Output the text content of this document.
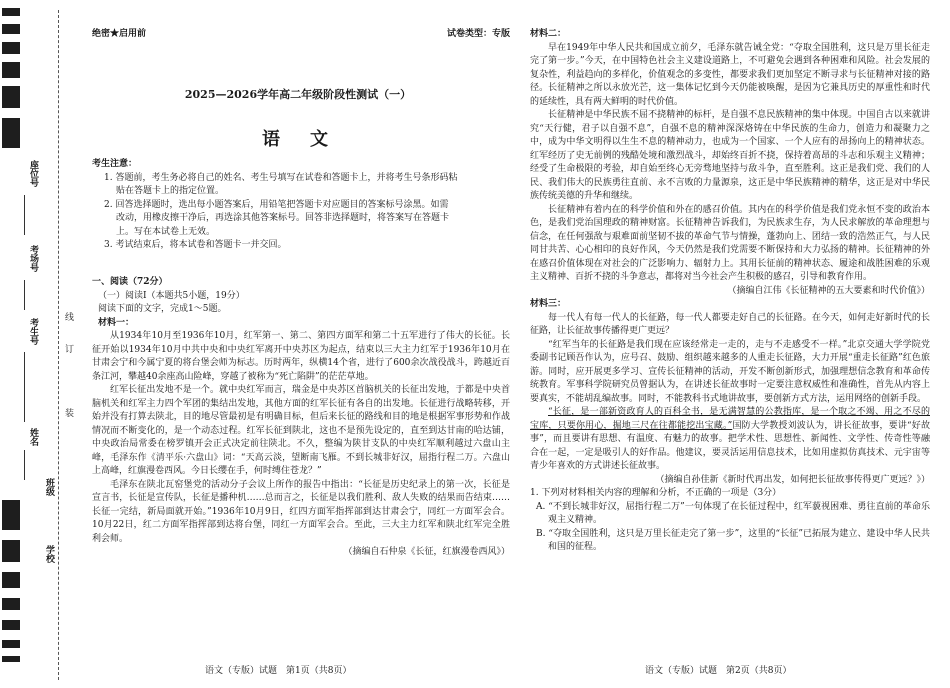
座位号
考场号
考生号
姓名
班级
学校
线
订
装
绝密★启用前	试卷类型：专版
2025—2026学年高二年级阶段性测试（一）
语　文
考生注意：
1. 答题前，考生务必将自己的姓名、考生号填写在试卷和答题卡上，并将考生号条形码粘
贴在答题卡上的指定位置。
2. 回答选择题时，选出每小题答案后，用铅笔把答题卡对应题目的答案标号涂黑。如需
改动，用橡皮擦干净后，再选涂其他答案标号。回答非选择题时，将答案写在答题卡
上。写在本试卷上无效。
3. 考试结束后，将本试卷和答题卡一并交回。
一、阅读（72分）
（一）阅读Ⅰ（本题共5小题，19分）
阅读下面的文字，完成1～5题。
材料一：

从1934年10月至1936年10月，红军第一、第二、第四方面军和第二十五军进行了伟大的长征。长征开始以1934年10月中共中央和中央红军离开中央苏区为起点，结束以三大主力红军于1936年10月在甘肃会宁和今属宁夏的将台堡会师为标志。历时两年，纵横14个省，进行了600余次战役战斗，跨越近百条江河，攀越40余座高山险峰，穿越了被称为“死亡陷阱”的茫茫草地。

红军长征出发地不是一个。就中央红军而言，瑞金是中央苏区首脑机关的长征出发地，于都是中央首脑机关和红军主力四个军团的集结出发地，其他方面的红军长征有各自的出发地。长征进行战略转移，开始并没有打算去陕北，目的地尽管最初是有明确目标，但后来长征的路线和目的地是根据军事形势和作战情况而不断变化的，是一个动态过程。红军长征到陕北，这也不是预先设定的，直至到达甘南的哈达铺，中央政治局常委在榜罗镇开会正式决定前往陕北。不久，整编为陕甘支队的中央红军顺利越过六盘山主峰，毛泽东作《清平乐·六盘山》词：“天高云淡，望断南飞雁。不到长城非好汉，屈指行程二万。六盘山上高峰，红旗漫卷西风。今日长缨在手，何时缚住苍龙？”

毛泽东在陕北瓦窑堡党的活动分子会议上所作的报告中指出：“长征是历史纪录上的第一次，长征是宣言书，长征是宣传队，长征是播种机……总而言之，长征是以我们胜利、敌人失败的结果而告结束……长征一完结，新局面就开始。”1936年10月9日，红四方面军指挥部到达甘肃会宁，同红一方面军会合。10月22日，红二方面军指挥部到达将台堡，同红一方面军会合。至此，三大主力红军和陕北红军完全胜利会师。

（摘编自石仲泉《长征，红旗漫卷西风》）
材料二：

早在1949年中华人民共和国成立前夕，毛泽东就告诫全党：“夺取全国胜利，这只是万里长征走完了第一步。”今天，在中国特色社会主义建设道路上，不可避免会遇到各种困难和风险。社会发展的复杂性，利益趋向的多样化，价值观念的多变性，都要求我们更加坚定不断寻求与长征精神对接的路径。长征精神之所以永放光芒，这一集体记忆到今天仍能被唤醒，是因为它兼具历史的厚重性和时代的延续性，具有两大鲜明的时代价值。

长征精神是中华民族不屈不挠精神的标杆，是自强不息民族精神的集中体现。中国自古以来就讲究“天行健，君子以自强不息”，自强不息的精神深深烙铸在中华民族的生命力，创造力和凝聚力之中，成为中华文明得以生生不息的精神动力，也成为一个国家、一个人应有的昂扬向上的精神状态。红军经历了史无前例的残酷处境和激烈战斗，却始终百折不挠，保持着高昂的斗志和乐观主义精神；经受了生命极限的考验，却自始至终心无旁骛地坚持与敌斗争，直至胜利。这正是我们党、我们的人民、我们伟大的民族勇往直前、永不言败的力量源泉，这正是中华民族精神的精华，这正是对中华民族传统美德的升华和继续。

长征精神有着内在的科学价值和外在的感召价值。其内在的科学价值是我们党永恒不变的政治本色，是我们党治国理政的精神财富。长征精神告诉我们，为民族求生存，为人民求解放的革命理想与信念，在任何强敌与艰难面前坚韧不拔的革命气节与情操，蓬勃向上、团结一致的浩然正气，与人民同甘共苦、心心相印的良好作风，今天仍然是我们党需要不断保持和大力弘扬的精神。长征精神的外在感召价值体现在对社会的广泛影响力、辐射力上。其用长征前的精神状态、履途和战胜困难的乐观主义精神、百折不挠的斗争意志，都将对当今社会产生积极的感召，引导和教育作用。

（摘编自江伟《长征精神的五大要素和时代价值》）
材料三：

每一代人有每一代人的长征路，每一代人都要走好自己的长征路。在今天，如何走好新时代的长征路，让长征故事传播得更广更远？

“红军当年的长征路是我们现在应该经常走一走的，走与不走感受不一样。”北京交通大学学院党委副书记顾吾作认为，应号召、鼓励、组织越来越多的人重走长征路，大力开展“重走长征路”红色旅游。同时，应开展更多学习、宣传长征精神的活动，开发不断创新形式，加强理想信念教育和革命传统教育。军事科学院研究员曾据认为，在讲述长征故事时一定要注意权威性和准确性，首先从内容上要真实，不能胡乱编故事。同时，不能教科书式地讲故事，要创新方式方法，运用网络的创新手段。

“长征，是一部新资政育人的百科全书，是无满智慧的公教指库，是一个取之不竭、用之不尽的宝库，只要你用心，掘地三尺在往都能挖出宝藏。”国防大学教授刘波认为，讲长征故事，要讲“好故事”，而且要讲有思想、有温度、有魅力的故事。把学术性、思想性、新闻性、文学性、传奇性等融合在一起，一定是吸引人的好作品。他建议，要灵活运用信息技术，比如用虚拟仿真技术、元宇宙等青少年喜欢的方式讲述长征故事。

（摘编自孙佳新《新时代再出发，如何把长征故事传得更广更远？》）
1. 下列对材料相关内容的理解和分析，不正确的一项是（3分）

A. “不到长城非好汉，屈指行程二万”一句体现了在长征过程中，红军藐视困难、勇往直前的革命乐观主义精神。

B. “夺取全国胜利，这只是万里长征走完了第一步”，这里的“长征”已拓展为建立、建设中华人民共和国的征程。

语文（专版）试题　第1页（共8页）	语文（专版）试题　第2页（共8页）
